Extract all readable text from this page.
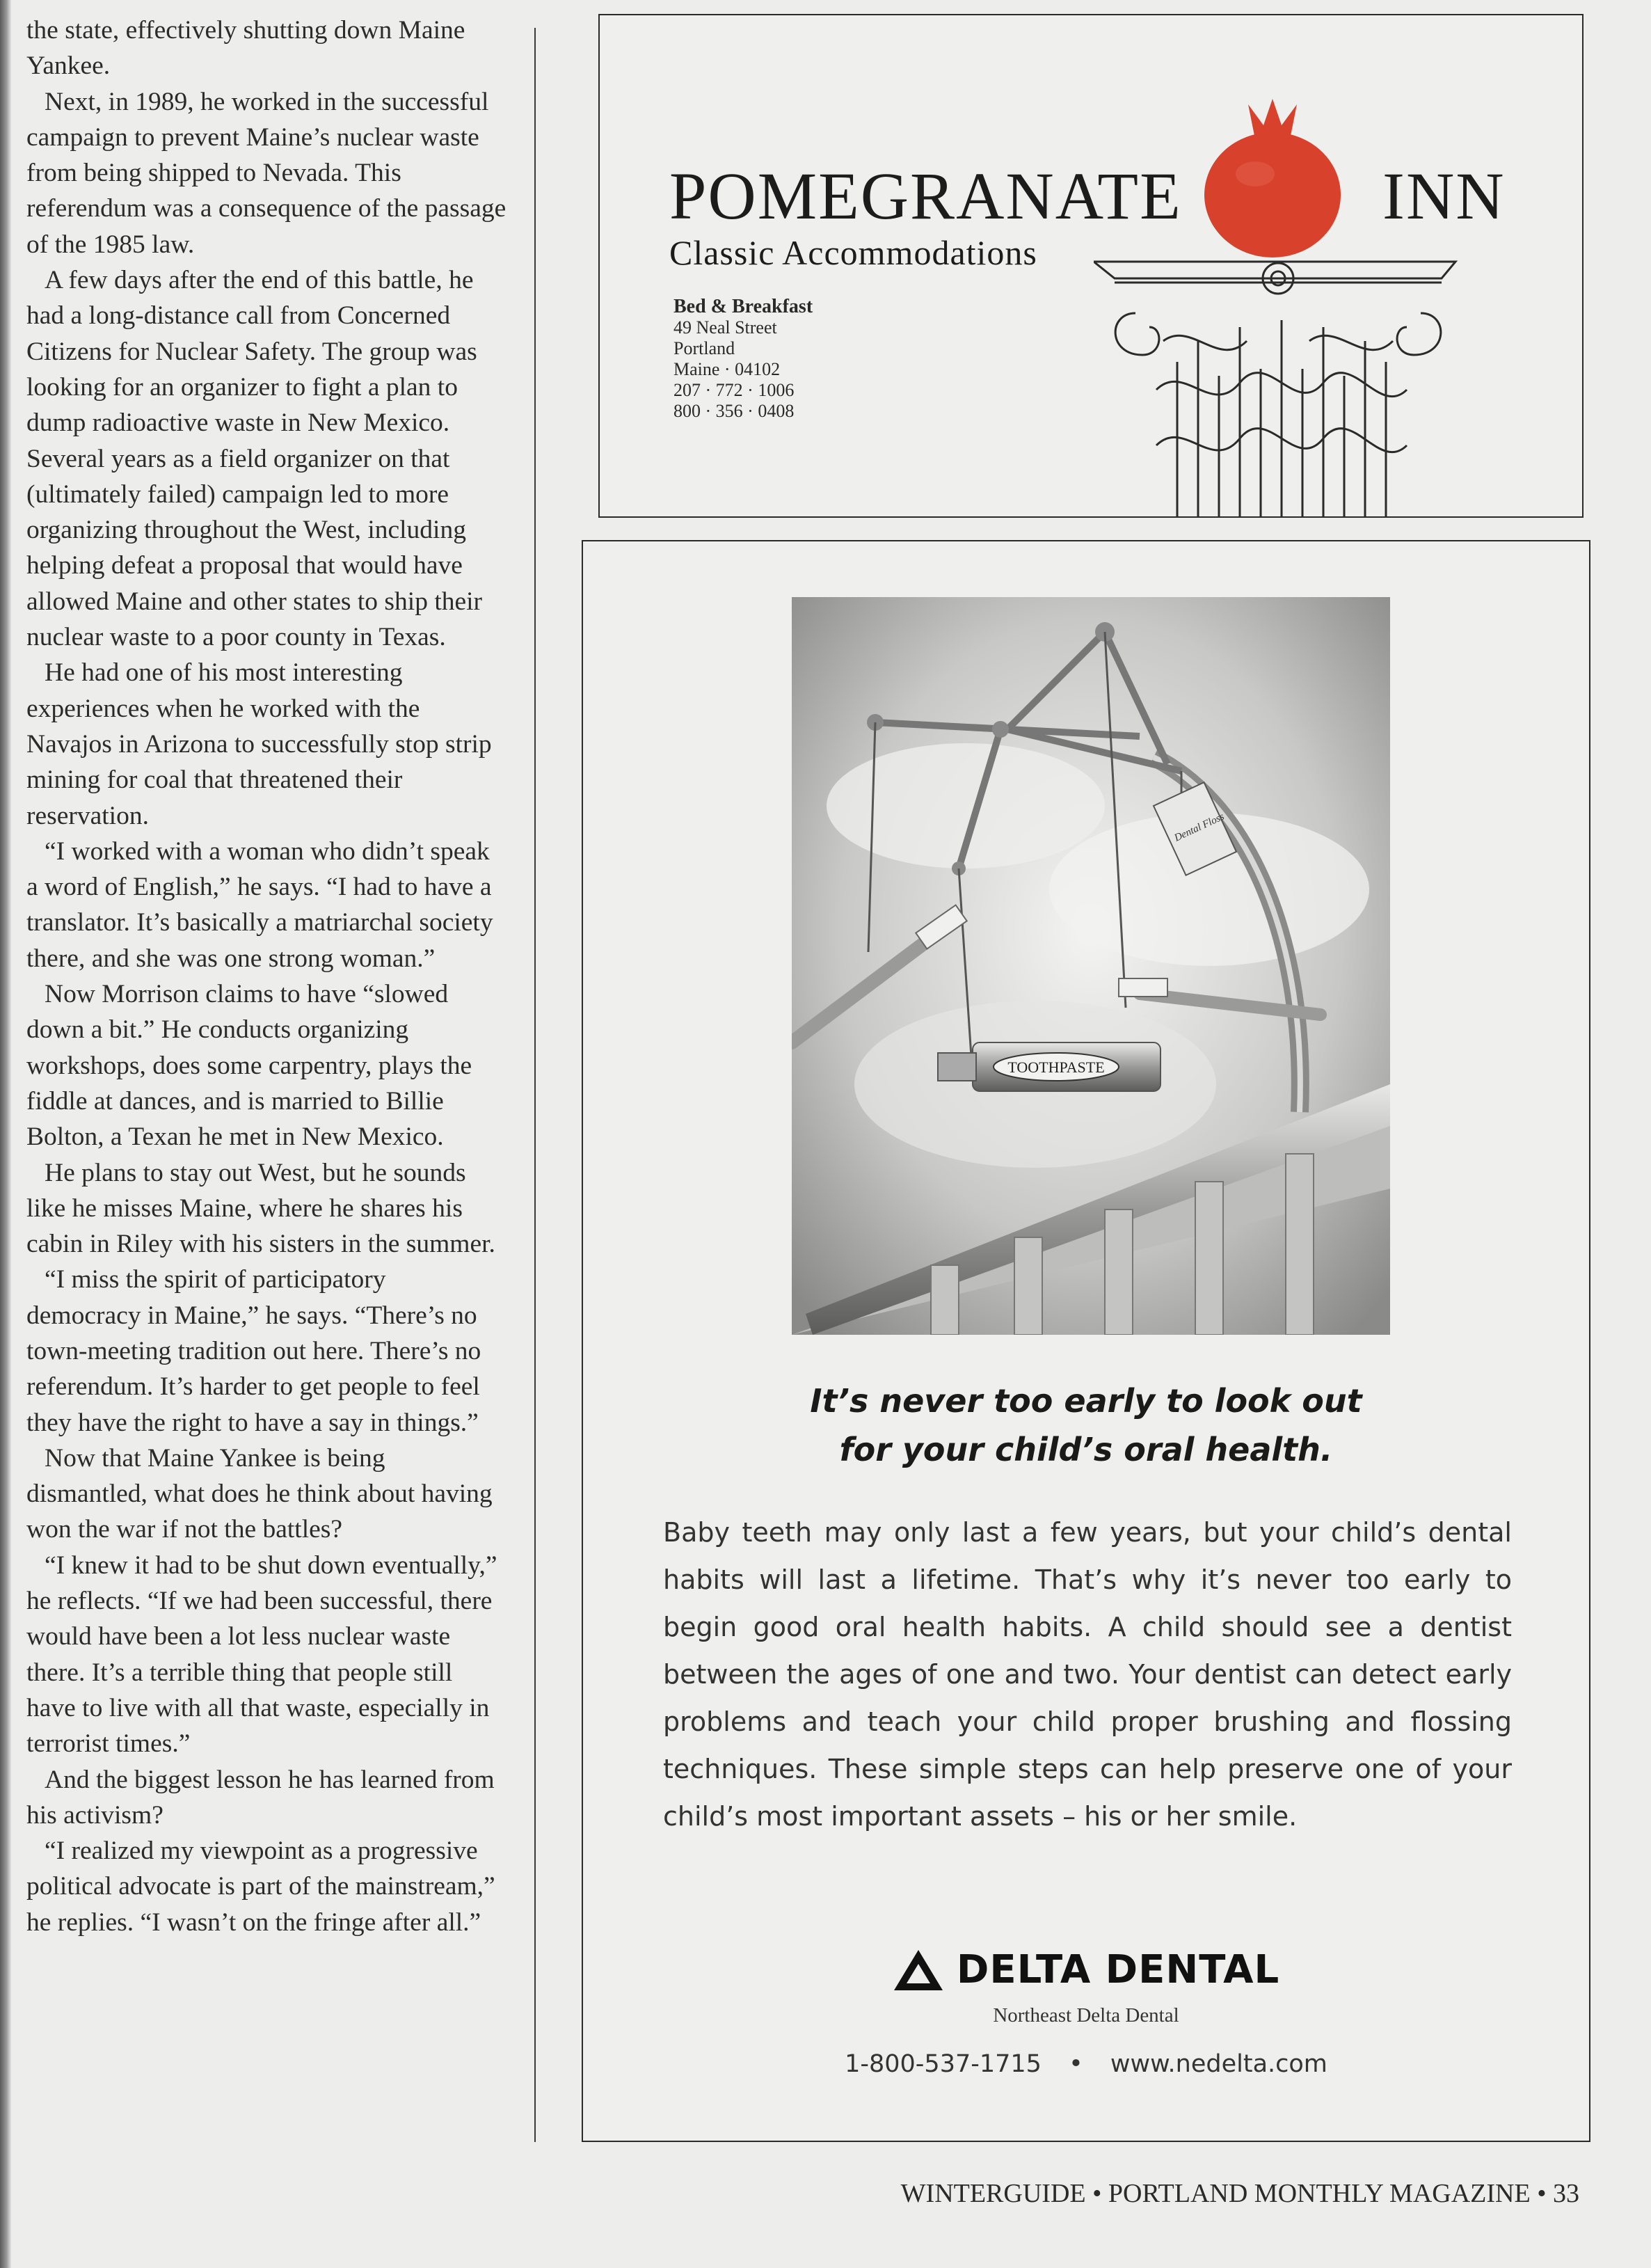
the state, effectively shutting down Maine Yankee.

Next, in 1989, he worked in the successful campaign to prevent Maine’s nuclear waste from being shipped to Nevada. This referendum was a consequence of the passage of the 1985 law.

A few days after the end of this battle, he had a long-distance call from Concerned Citizens for Nuclear Safety. The group was looking for an organizer to fight a plan to dump radioactive waste in New Mexico. Several years as a field organizer on that (ultimately failed) campaign led to more organizing throughout the West, including helping defeat a proposal that would have allowed Maine and other states to ship their nuclear waste to a poor county in Texas.

He had one of his most interesting experiences when he worked with the Navajos in Arizona to successfully stop strip mining for coal that threatened their reservation.

“I worked with a woman who didn’t speak a word of English,” he says. “I had to have a translator. It’s basically a matriarchal society there, and she was one strong woman.”

Now Morrison claims to have “slowed down a bit.” He conducts organizing workshops, does some carpentry, plays the fiddle at dances, and is married to Billie Bolton, a Texan he met in New Mexico.

He plans to stay out West, but he sounds like he misses Maine, where he shares his cabin in Riley with his sisters in the summer.

“I miss the spirit of participatory democracy in Maine,” he says. “There’s no town-meeting tradition out here. There’s no referendum. It’s harder to get people to feel they have the right to have a say in things.”

Now that Maine Yankee is being dismantled, what does he think about having won the war if not the battles?

“I knew it had to be shut down eventually,” he reflects. “If we had been successful, there would have been a lot less nuclear waste there. It’s a terrible thing that people still have to live with all that waste, especially in terrorist times.”

And the biggest lesson he has learned from his activism?

“I realized my viewpoint as a progressive political advocate is part of the mainstream,” he replies. “I wasn’t on the fringe after all.”

POMEGRANATE	INN
Classic Accommodations
Bed & Breakfast
49 Neal Street
Portland
Maine · 04102
207 · 772 · 1006
800 · 356 · 0408
TOOTHPASTE
Dental Floss
It’s never too early to look out
for your child’s oral health.
Baby teeth may only last a few years, but your child’s dental habits will last a lifetime. That’s why it’s never too early to begin good oral health habits. A child should see a dentist between the ages of one and two. Your dentist can detect early problems and teach your child proper brushing and flossing techniques. These simple steps can help preserve one of your child’s most important assets – his or her smile.
DELTA DENTAL
Northeast Delta Dental
1-800-537-1715 • www.nedelta.com
WINTERGUIDE • PORTLAND MONTHLY MAGAZINE • 33
